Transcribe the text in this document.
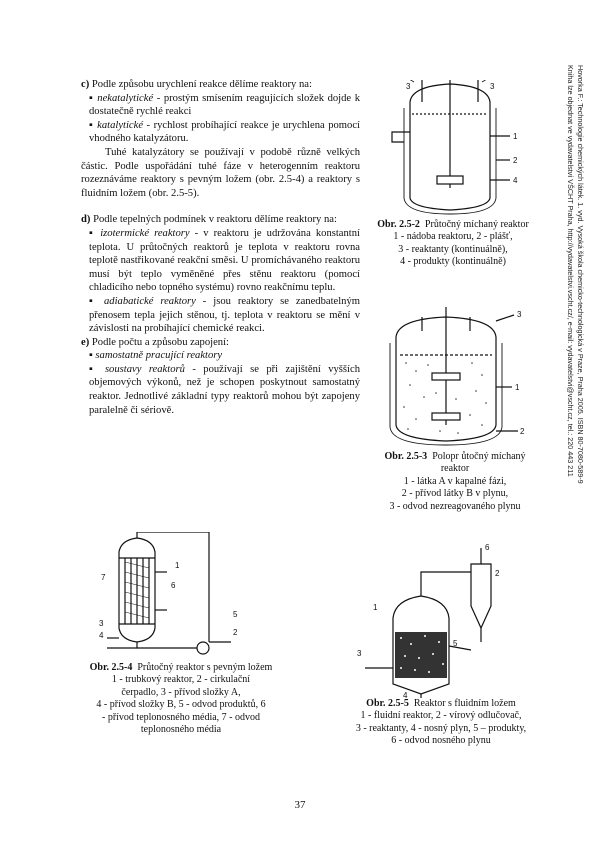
Hovorka F.: Technologie chemických látek. 1. vyd. Vysoká škola chemicko-technologická v Praze, Praha 2005. ISBN 80-7080-589-9
Kniha lze objednat ve vydavatelství VŠCHT Praha, http://vydavatelstvi.vscht.cz/, e-mail: vydavatelstvi@vscht.cz, tel.: 220 443 211

c) Podle způsobu urychlení reakce dělíme reaktory na:

▪ nekatalytické - prostým smísením reagujících složek dojde k dostatečně rychlé reakci

▪ katalytické - rychlost probíhající reakce je urychlena pomocí vhodného katalyzátoru.

Tuhé katalyzátory se používají v podobě různě velkých částic. Podle uspořádání tuhé fáze v heterogenním reaktoru rozeznáváme reaktory s pevným ložem (obr. 2.5-4) a reaktory s fluidním ložem (obr. 2.5-5).

d) Podle tepelných podmínek v reaktoru dělíme reaktory na:

▪ izotermické reaktory - v reaktoru je udržována konstantní teplota. U průtočných reaktorů je teplota v reaktoru rovna teplotě nastřikované reakční směsi. U promíchávaného reaktoru musí být teplo vyměněné přes stěnu reaktoru (pomocí chladicího nebo topného systému) rovno reakčnímu teplu.

▪ adiabatické reaktory - jsou reaktory se zanedbatelným přenosem tepla jejich stěnou, tj. teplota v reaktoru se mění v závislosti na probíhající chemické reakci.

e) Podle počtu a způsobu zapojení:

▪ samostatně pracující reaktory

▪ soustavy reaktorů - používají se při zajištění vyšších objemových výkonů, než je schopen poskytnout samostatný reaktor. Jednotlivé základní typy reaktorů mohou být zapojeny paralelně či sériově.

3	3
1
2
4
Obr. 2.5-2 Průtočný míchaný reaktor
1 - nádoba reaktoru, 2 - plášť,
3 - reaktanty (kontinuálně),
4 - produkty (kontinuálně)
3
1
2
Obr. 2.5-3 Polopr ůtočný míchaný reaktor
1 - látka A v kapalné fázi,
2 - přívod látky B v plynu,
3 - odvod nezreagovaného plynu
1
6
7
5
3
4	2
Obr. 2.5-4 Průtočný reaktor s pevným ložem
1 - trubkový reaktor, 2 - cirkulační
čerpadlo, 3 - přívod složky A,
4 - přívod složky B, 5 - odvod produktů, 6
- přívod teplonosného média, 7 - odvod
teplonosného média
6
2
1
5
3
4
Obr. 2.5-5 Reaktor s fluidním ložem
1 - fluidní reaktor, 2 - vírový odlučovač,
3 - reaktanty, 4 - nosný plyn, 5 – produkty,
6 - odvod nosného plynu
37
